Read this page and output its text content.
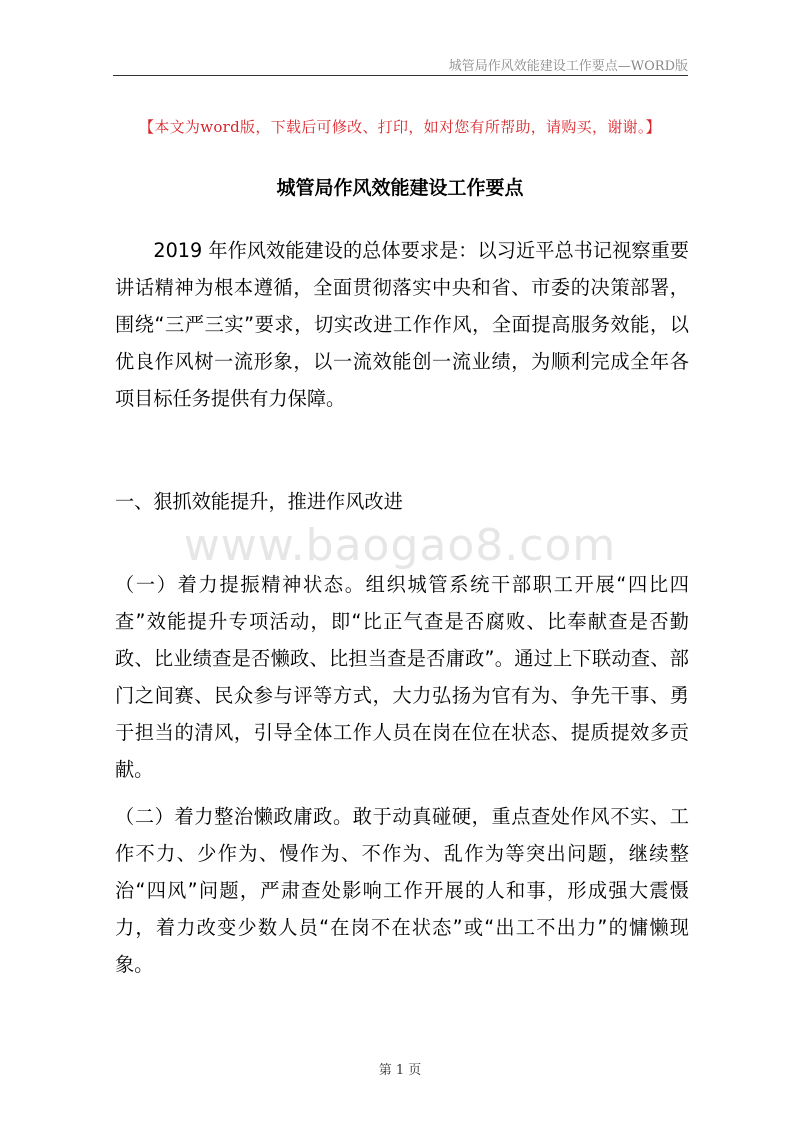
城管局作风效能建设工作要点—WORD版
【本文为word版，下载后可修改、打印，如对您有所帮助，请购买，谢谢。】
城管局作风效能建设工作要点

2019 年作风效能建设的总体要求是：以习近平总书记视察重要讲话精神为根本遵循，全面贯彻落实中央和省、市委的决策部署，围绕“三严三实”要求，切实改进工作作风，全面提高服务效能，以优良作风树一流形象，以一流效能创一流业绩，为顺利完成全年各项目标任务提供有力保障。

一、狠抓效能提升，推进作风改进
www.baogao8.com

（一）着力提振精神状态。组织城管系统干部职工开展“四比四查”效能提升专项活动，即“比正气查是否腐败、比奉献查是否勤政、比业绩查是否懒政、比担当查是否庸政”。通过上下联动查、部门之间赛、民众参与评等方式，大力弘扬为官有为、争先干事、勇于担当的清风，引导全体工作人员在岗在位在状态、提质提效多贡献。

（二）着力整治懒政庸政。敢于动真碰硬，重点查处作风不实、工作不力、少作为、慢作为、不作为、乱作为等突出问题，继续整治“四风”问题，严肃查处影响工作开展的人和事，形成强大震慑力，着力改变少数人员“在岗不在状态”或“出工不出力”的慵懒现象。

第 1 页
